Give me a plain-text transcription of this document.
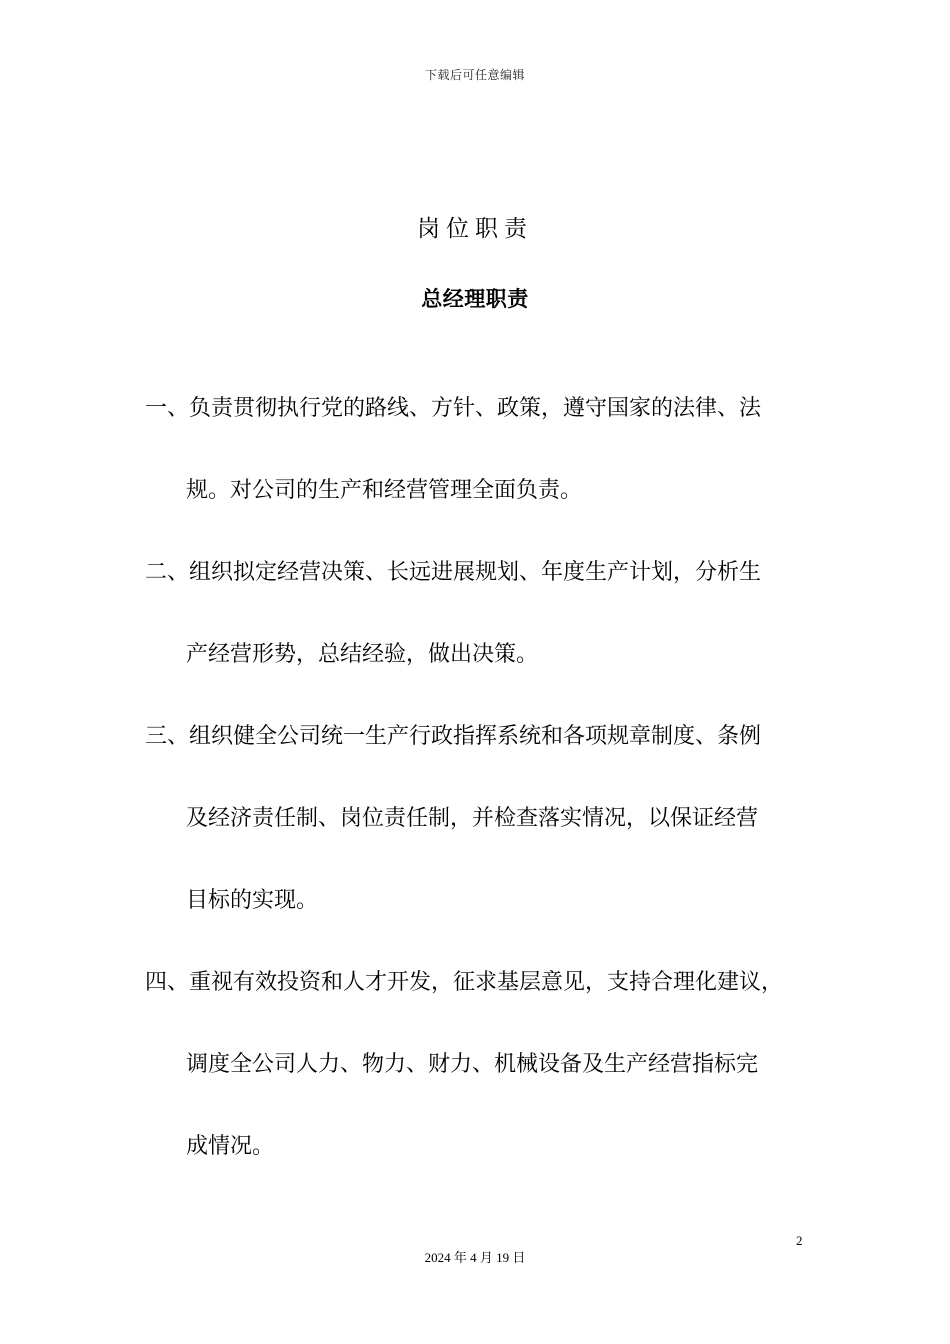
下载后可任意编辑
岗位职责
总经理职责
一、负责贯彻执行党的路线、方针、政策，遵守国家的法律、法
规。对公司的生产和经营管理全面负责。
二、组织拟定经营决策、长远进展规划、年度生产计划，分析生
产经营形势，总结经验，做出决策。
三、组织健全公司统一生产行政指挥系统和各项规章制度、条例
及经济责任制、岗位责任制，并检查落实情况，以保证经营
目标的实现。
四、重视有效投资和人才开发，征求基层意见，支持合理化建议，
调度全公司人力、物力、财力、机械设备及生产经营指标完
成情况。
2
2024 年 4 月 19 日
